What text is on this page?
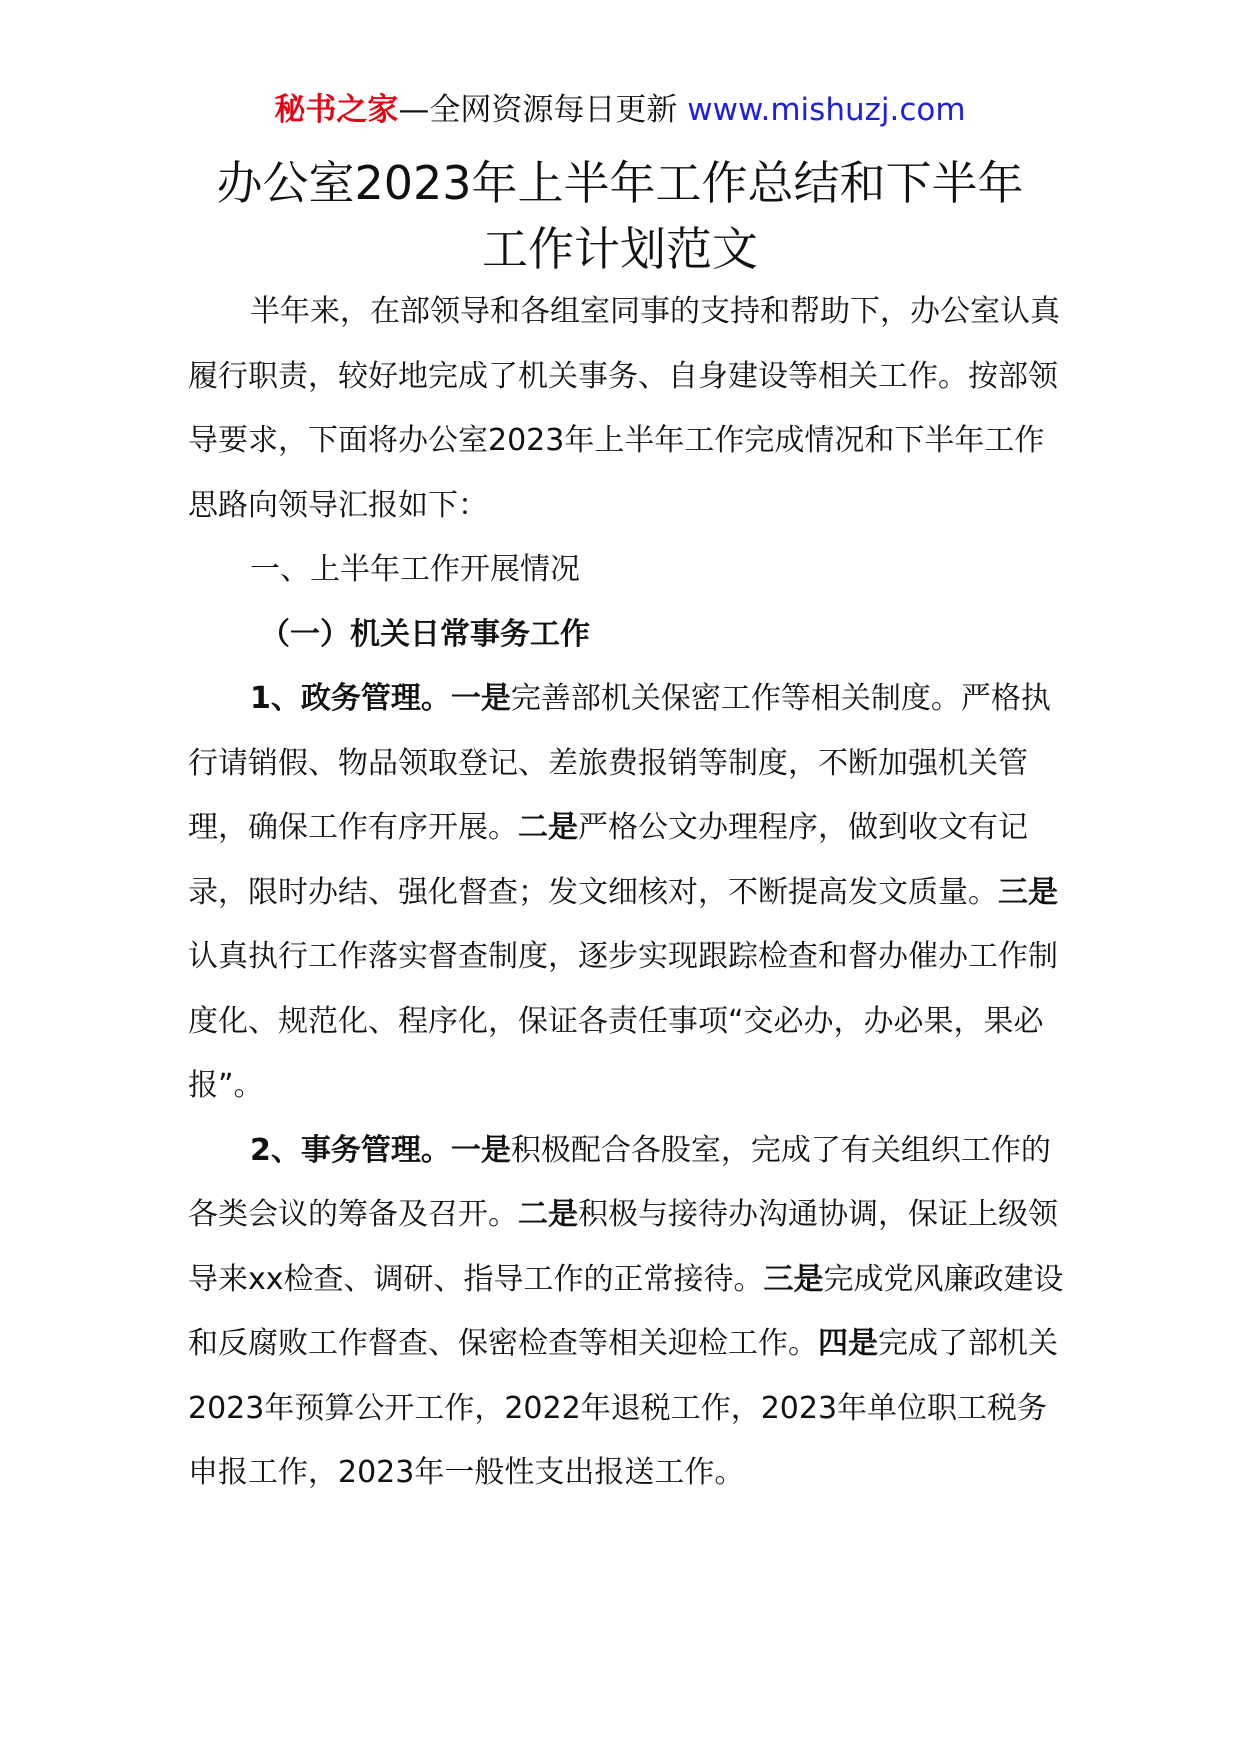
秘书之家—全网资源每日更新 www.mishuzj.com
办公室2023年上半年工作总结和下半年
工作计划范文

半年来，在部领导和各组室同事的支持和帮助下，办公室认真履行职责，较好地完成了机关事务、自身建设等相关工作。按部领导要求，下面将办公室2023年上半年工作完成情况和下半年工作思路向领导汇报如下：

一、上半年工作开展情况

（一）机关日常事务工作

1、政务管理。一是完善部机关保密工作等相关制度。严格执行请销假、物品领取登记、差旅费报销等制度，不断加强机关管理，确保工作有序开展。二是严格公文办理程序，做到收文有记录，限时办结、强化督查；发文细核对，不断提高发文质量。三是认真执行工作落实督查制度，逐步实现跟踪检查和督办催办工作制度化、规范化、程序化，保证各责任事项“交必办，办必果，果必报”。

2、事务管理。一是积极配合各股室，完成了有关组织工作的各类会议的筹备及召开。二是积极与接待办沟通协调，保证上级领导来xx检查、调研、指导工作的正常接待。三是完成党风廉政建设和反腐败工作督查、保密检查等相关迎检工作。四是完成了部机关2023年预算公开工作，2022年退税工作，2023年单位职工税务申报工作，2023年一般性支出报送工作。
